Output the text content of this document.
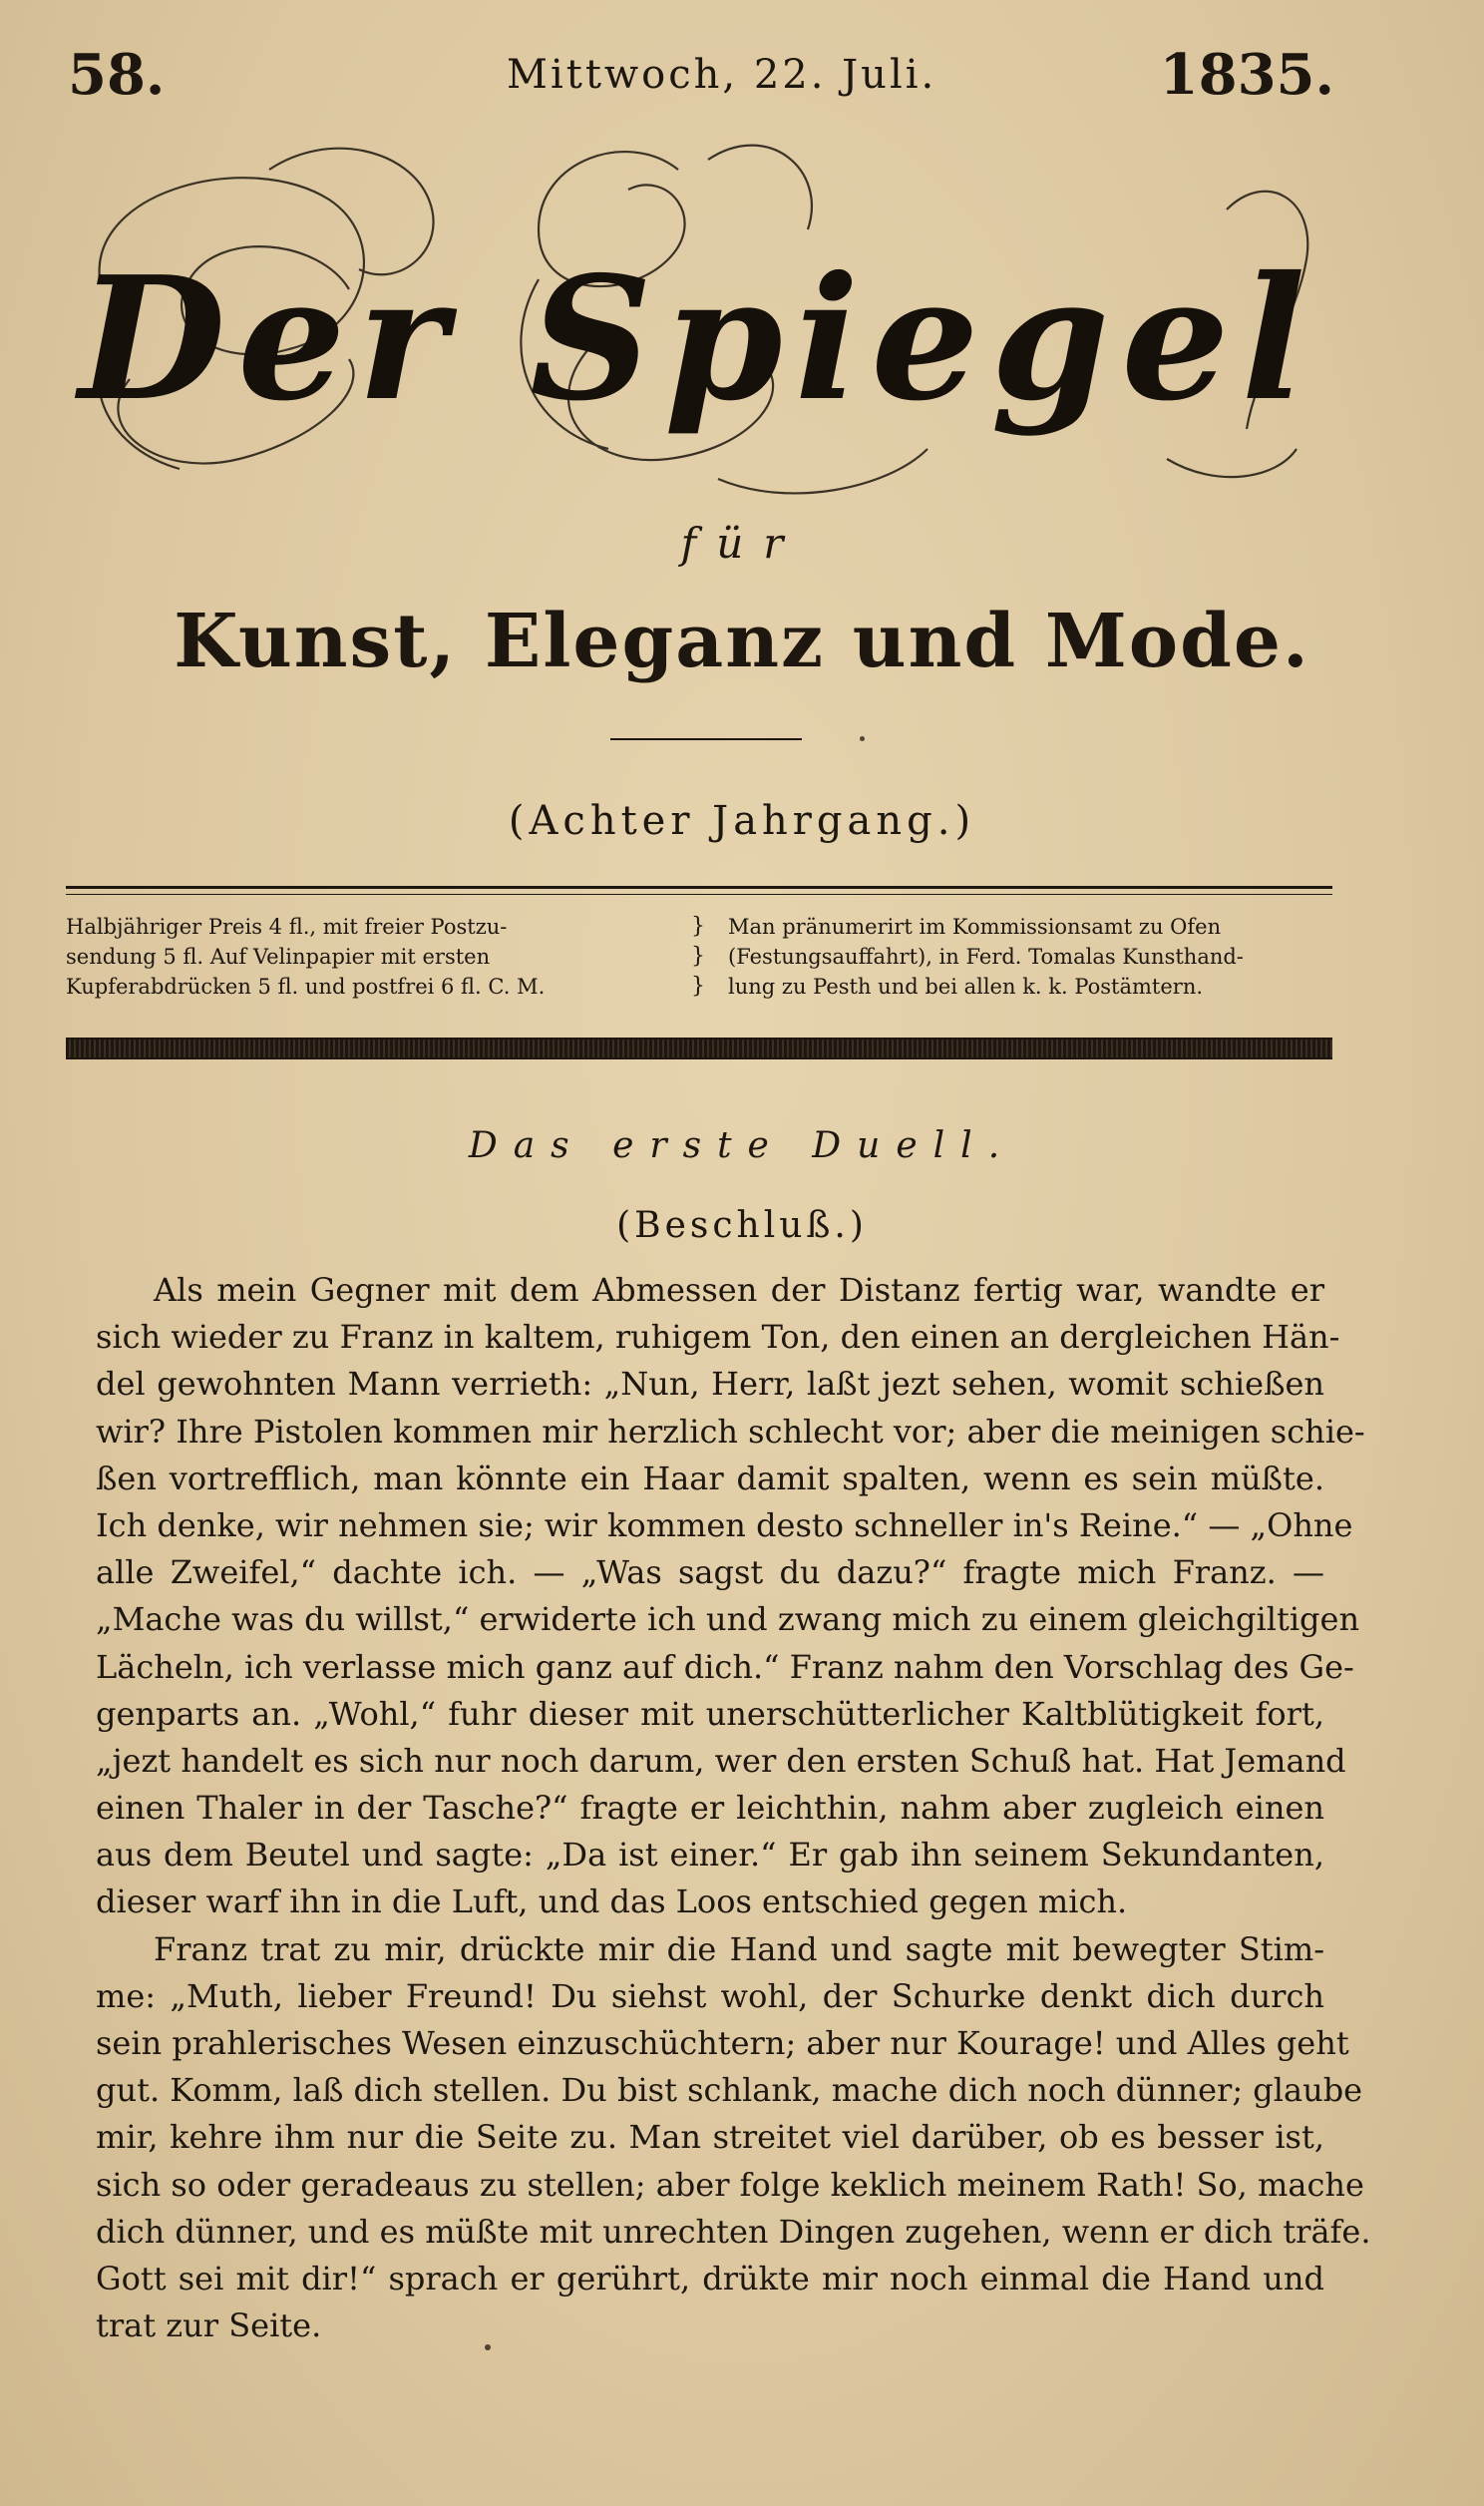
58.	Mittwoch, 22. Juli.	1835.
Der Spiegel
für
Kunst, Eleganz und Mode.
(Achter Jahrgang.)
Halbjähriger Preis 4 fl., mit freier Postzu-
sendung 5 fl. Auf Velinpapier mit ersten
Kupferabdrücken 5 fl. und postfrei 6 fl. C. M.
}
}
}
Man pränumerirt im Kommissionsamt zu Ofen
(Festungsauffahrt), in Ferd. Tomalas Kunsthand-
lung zu Pesth und bei allen k. k. Postämtern.
Das erste Duell.
(Beschluß.)
Als mein Gegner mit dem Abmessen der Distanz fertig war, wandte er
sich wieder zu Franz in kaltem, ruhigem Ton, den einen an dergleichen Hän-
del gewohnten Mann verrieth: „Nun, Herr, laßt jezt sehen, womit schießen
wir? Ihre Pistolen kommen mir herzlich schlecht vor; aber die meinigen schie-
ßen vortrefflich, man könnte ein Haar damit spalten, wenn es sein müßte.
Ich denke, wir nehmen sie; wir kommen desto schneller in's Reine.“ — „Ohne
alle Zweifel,“ dachte ich. — „Was sagst du dazu?“ fragte mich Franz. —
„Mache was du willst,“ erwiderte ich und zwang mich zu einem gleichgiltigen
Lächeln, ich verlasse mich ganz auf dich.“ Franz nahm den Vorschlag des Ge-
genparts an. „Wohl,“ fuhr dieser mit unerschütterlicher Kaltblütigkeit fort,
„jezt handelt es sich nur noch darum, wer den ersten Schuß hat. Hat Jemand
einen Thaler in der Tasche?“ fragte er leichthin, nahm aber zugleich einen
aus dem Beutel und sagte: „Da ist einer.“ Er gab ihn seinem Sekundanten,
dieser warf ihn in die Luft, und das Loos entschied gegen mich.
Franz trat zu mir, drückte mir die Hand und sagte mit bewegter Stim-
me: „Muth, lieber Freund! Du siehst wohl, der Schurke denkt dich durch
sein prahlerisches Wesen einzuschüchtern; aber nur Kourage! und Alles geht
gut. Komm, laß dich stellen. Du bist schlank, mache dich noch dünner; glaube
mir, kehre ihm nur die Seite zu. Man streitet viel darüber, ob es besser ist,
sich so oder geradeaus zu stellen; aber folge keklich meinem Rath! So, mache
dich dünner, und es müßte mit unrechten Dingen zugehen, wenn er dich träfe.
Gott sei mit dir!“ sprach er gerührt, drükte mir noch einmal die Hand und
trat zur Seite.
